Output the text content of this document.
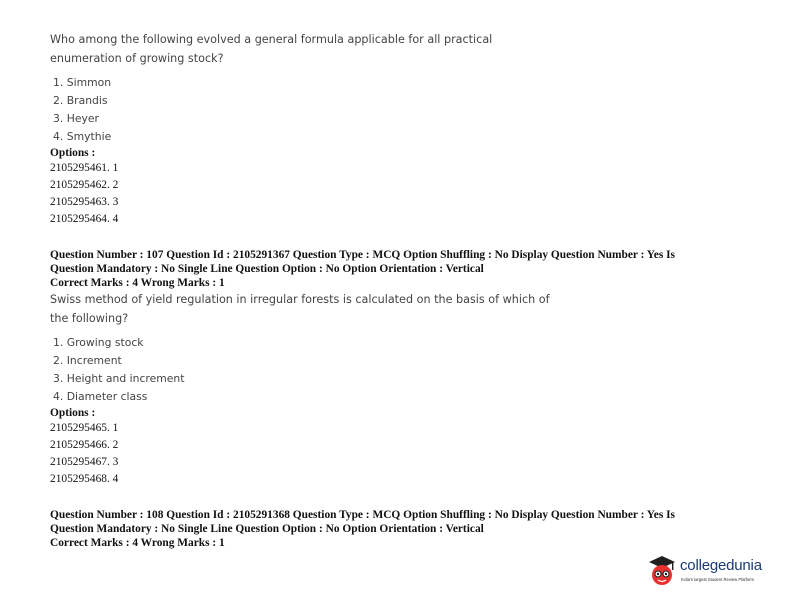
Who among the following evolved a general formula applicable for all practical enumeration of growing stock?
1. Simmon
2. Brandis
3. Heyer
4. Smythie
Options :
2105295461. 1
2105295462. 2
2105295463. 3
2105295464. 4
Question Number : 107 Question Id : 2105291367 Question Type : MCQ Option Shuffling : No Display Question Number : Yes Is
Question Mandatory : No Single Line Question Option : No Option Orientation : Vertical
Correct Marks : 4 Wrong Marks : 1
Swiss method of yield regulation in irregular forests is calculated on the basis of which of the following?
1. Growing stock
2. Increment
3. Height and increment
4. Diameter class
Options :
2105295465. 1
2105295466. 2
2105295467. 3
2105295468. 4
Question Number : 108 Question Id : 2105291368 Question Type : MCQ Option Shuffling : No Display Question Number : Yes Is
Question Mandatory : No Single Line Question Option : No Option Orientation : Vertical
Correct Marks : 4 Wrong Marks : 1
collegedunia
India's largest Student Review Platform
